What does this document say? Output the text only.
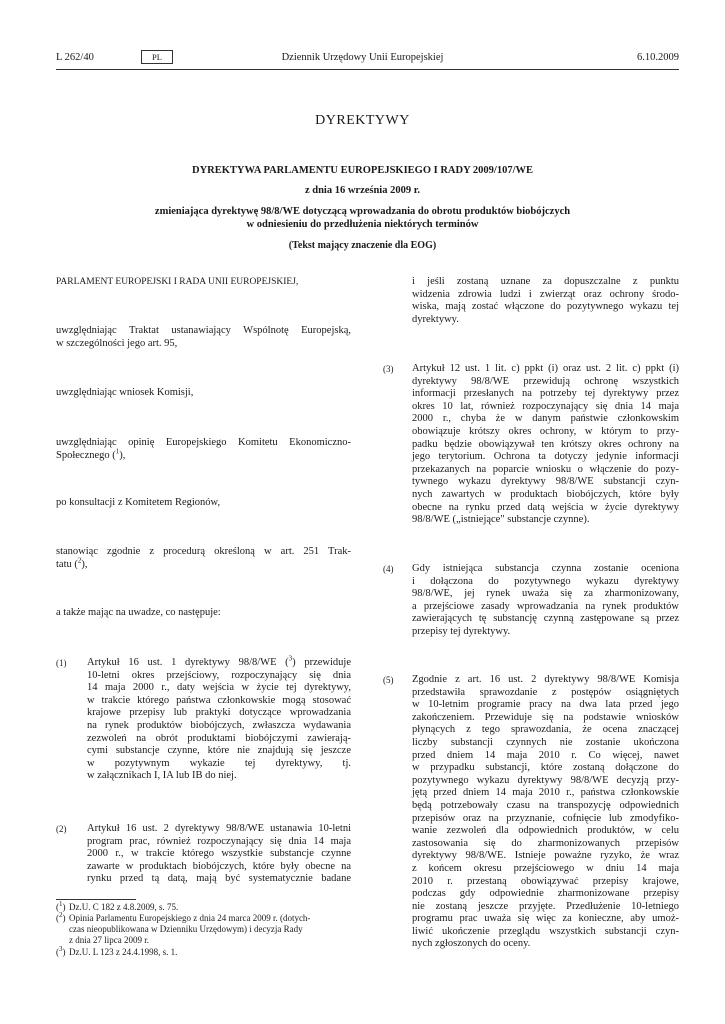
L 262/40	PL	Dziennik Urzędowy Unii Europejskiej	6.10.2009
DYREKTYWY
DYREKTYWA PARLAMENTU EUROPEJSKIEGO I RADY 2009/107/WE
z dnia 16 września 2009 r.
zmieniająca dyrektywę 98/8/WE dotyczącą wprowadzania do obrotu produktów biobójczych
w odniesieniu do przedłużenia niektórych terminów
(Tekst mający znaczenie dla EOG)
PARLAMENT EUROPEJSKI I RADA UNII EUROPEJSKIEJ,
uwzględniając Traktat ustanawiający Wspólnotę Europejską,
w szczególności jego art. 95,
uwzględniając wniosek Komisji,
uwzględniając opinię Europejskiego Komitetu Ekonomiczno-
Społecznego ($^1$),
po konsultacji z Komitetem Regionów,
stanowiąc zgodnie z procedurą określoną w art. 251 Trak-
tatu ($^2$),
a także mając na uwadze, co następuje:
(1) Artykuł 16 ust. 1 dyrektywy 98/8/WE ($^3$) przewiduje
10-letni okres przejściowy, rozpoczynający się dnia
14 maja 2000 r., daty wejścia w życie tej dyrektywy,
w trakcie którego państwa członkowskie mogą stosować
krajowe przepisy lub praktyki dotyczące wprowadzania
na rynek produktów biobójczych, zwłaszcza wydawania
zezwoleń na obrót produktami biobójczymi zawierają-
cymi substancje czynne, które nie znajdują się jeszcze
w pozytywnym wykazie tej dyrektywy, tj.
w załącznikach I, IA lub IB do niej.
(2) Artykuł 16 ust. 2 dyrektywy 98/8/WE ustanawia 10-letni
program prac, również rozpoczynający się dnia 14 maja
2000 r., w trakcie którego wszystkie substancje czynne
zawarte w produktach biobójczych, które były obecne na
rynku przed tą datą, mają być systematycznie badane
($^1$) Dz.U. C 182 z 4.8.2009, s. 75.
($^2$) Opinia Parlamentu Europejskiego z dnia 24 marca 2009 r. (dotych-
czas nieopublikowana w Dzienniku Urzędowym) i decyzja Rady
z dnia 27 lipca 2009 r.
($^3$) Dz.U. L 123 z 24.4.1998, s. 1.
i jeśli zostaną uznane za dopuszczalne z punktu
widzenia zdrowia ludzi i zwierząt oraz ochrony środo-
wiska, mają zostać włączone do pozytywnego wykazu tej
dyrektywy.
(3) Artykuł 12 ust. 1 lit. c) ppkt (i) oraz ust. 2 lit. c) ppkt (i)
dyrektywy 98/8/WE przewidują ochronę wszystkich
informacji przesłanych na potrzeby tej dyrektywy przez
okres 10 lat, również rozpoczynający się dnia 14 maja
2000 r., chyba że w danym państwie członkowskim
obowiązuje krótszy okres ochrony, w którym to przy-
padku będzie obowiązywał ten krótszy okres ochrony na
jego terytorium. Ochrona ta dotyczy jedynie informacji
przekazanych na poparcie wniosku o włączenie do pozy-
tywnego wykazu dyrektywy 98/8/WE substancji czyn-
nych zawartych w produktach biobójczych, które były
obecne na rynku przed datą wejścia w życie dyrektywy
98/8/WE („istniejące" substancje czynne).
(4) Gdy istniejąca substancja czynna zostanie oceniona
i dołączona do pozytywnego wykazu dyrektywy
98/8/WE, jej rynek uważa się za zharmonizowany,
a przejściowe zasady wprowadzania na rynek produktów
zawierających tę substancję czynną zastępowane są przez
przepisy tej dyrektywy.
(5) Zgodnie z art. 16 ust. 2 dyrektywy 98/8/WE Komisja
przedstawiła sprawozdanie z postępów osiągniętych
w 10-letnim programie pracy na dwa lata przed jego
zakończeniem. Przewiduje się na podstawie wniosków
płynących z tego sprawozdania, że ocena znaczącej
liczby substancji czynnych nie zostanie ukończona
przed dniem 14 maja 2010 r. Co więcej, nawet
w przypadku substancji, które zostaną dołączone do
pozytywnego wykazu dyrektywy 98/8/WE decyzją przy-
jętą przed dniem 14 maja 2010 r., państwa członkowskie
będą potrzebowały czasu na transpozycję odpowiednich
przepisów oraz na przyznanie, cofnięcie lub zmodyfiko-
wanie zezwoleń dla odpowiednich produktów, w celu
zastosowania się do zharmonizowanych przepisów
dyrektywy 98/8/WE. Istnieje poważne ryzyko, że wraz
z końcem okresu przejściowego w dniu 14 maja
2010 r. przestaną obowiązywać przepisy krajowe,
podczas gdy odpowiednie zharmonizowane przepisy
nie zostaną jeszcze przyjęte. Przedłużenie 10-letniego
programu prac uważa się więc za konieczne, aby umoż-
liwić ukończenie przeglądu wszystkich substancji czyn-
nych zgłoszonych do oceny.
